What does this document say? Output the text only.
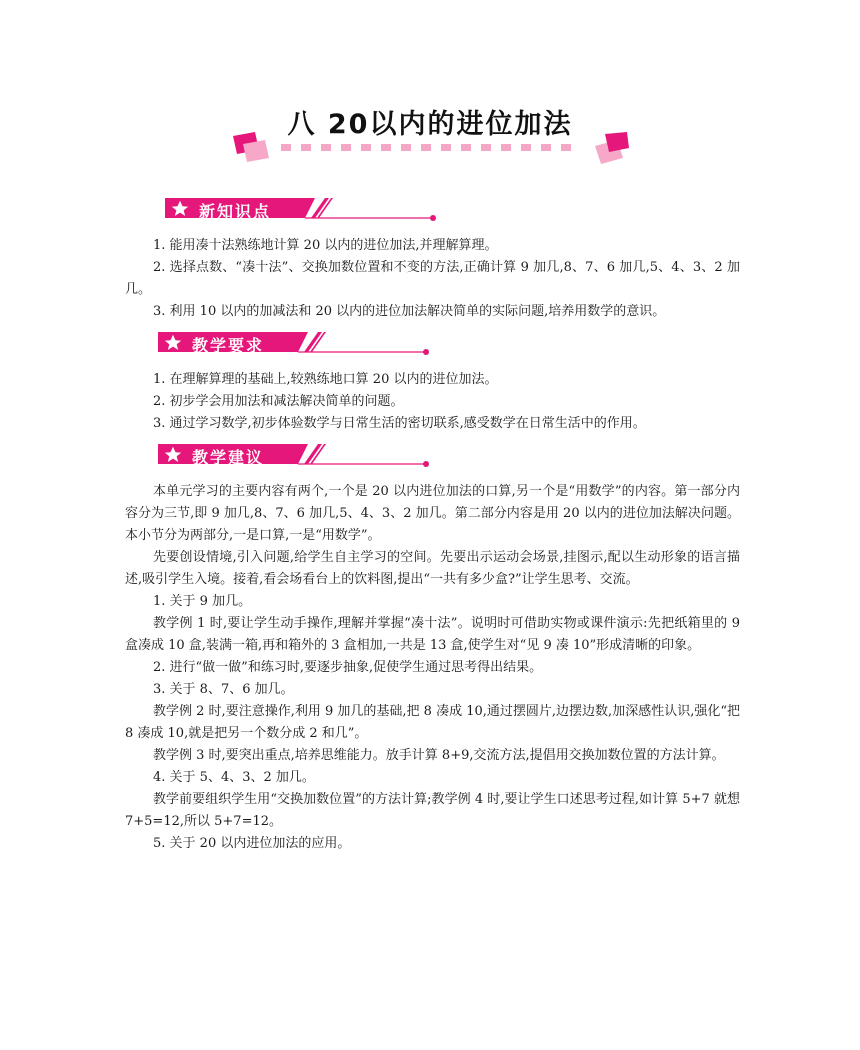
八 20以内的进位加法
新知识点

1. 能用凑十法熟练地计算 20 以内的进位加法,并理解算理。

2. 选择点数、“凑十法”、交换加数位置和不变的方法,正确计算 9 加几,8、7、6 加几,5、4、3、2 加几。

3. 利用 10 以内的加减法和 20 以内的进位加法解决简单的实际问题,培养用数学的意识。

教学要求

1. 在理解算理的基础上,较熟练地口算 20 以内的进位加法。

2. 初步学会用加法和减法解决简单的问题。

3. 通过学习数学,初步体验数学与日常生活的密切联系,感受数学在日常生活中的作用。

教学建议

本单元学习的主要内容有两个,一个是 20 以内进位加法的口算,另一个是“用数学”的内容。第一部分内容分为三节,即 9 加几,8、7、6 加几,5、4、3、2 加几。第二部分内容是用 20 以内的进位加法解决问题。本小节分为两部分,一是口算,一是“用数学”。

先要创设情境,引入问题,给学生自主学习的空间。先要出示运动会场景,挂图示,配以生动形象的语言描述,吸引学生入境。接着,看会场看台上的饮料图,提出“一共有多少盒?”让学生思考、交流。

1. 关于 9 加几。

教学例 1 时,要让学生动手操作,理解并掌握“凑十法”。说明时可借助实物或课件演示:先把纸箱里的 9 盒凑成 10 盒,装满一箱,再和箱外的 3 盒相加,一共是 13 盒,使学生对“见 9 凑 10”形成清晰的印象。

2. 进行“做一做”和练习时,要逐步抽象,促使学生通过思考得出结果。

3. 关于 8、7、6 加几。

教学例 2 时,要注意操作,利用 9 加几的基础,把 8 凑成 10,通过摆圆片,边摆边数,加深感性认识,强化“把 8 凑成 10,就是把另一个数分成 2 和几”。

教学例 3 时,要突出重点,培养思维能力。放手计算 8+9,交流方法,提倡用交换加数位置的方法计算。

4. 关于 5、4、3、2 加几。

教学前要组织学生用“交换加数位置”的方法计算;教学例 4 时,要让学生口述思考过程,如计算 5+7 就想 7+5=12,所以 5+7=12。

5. 关于 20 以内进位加法的应用。
